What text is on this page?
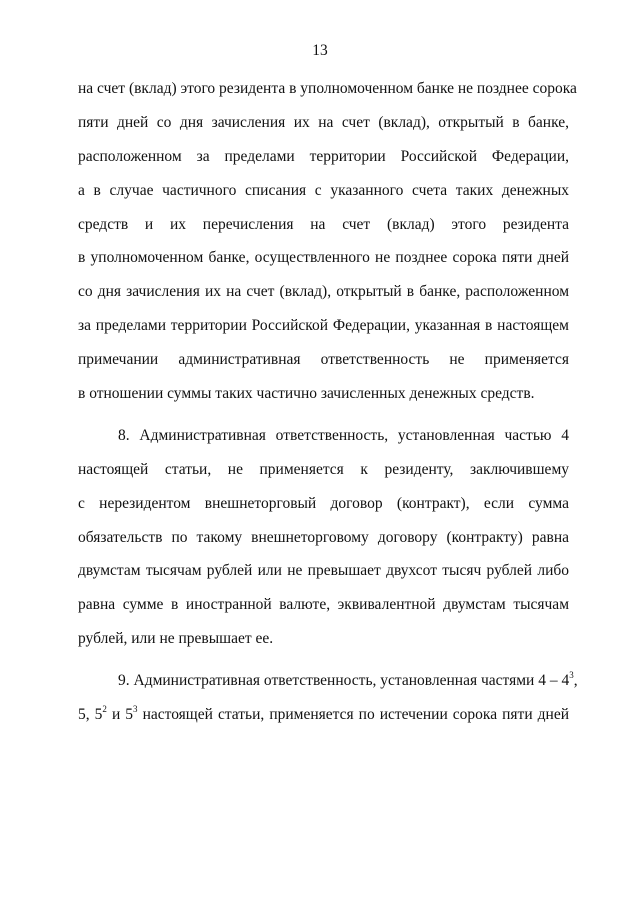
13
на счет (вклад) этого резидента в уполномоченном банке не позднее сорока
пяти дней со дня зачисления их на счет (вклад), открытый в банке,
расположенном за пределами территории Российской Федерации,
а в случае частичного списания с указанного счета таких денежных
средств и их перечисления на счет (вклад) этого резидента
в уполномоченном банке, осуществленного не позднее сорока пяти дней
со дня зачисления их на счет (вклад), открытый в банке, расположенном
за пределами территории Российской Федерации, указанная в настоящем
примечании административная ответственность не применяется
в отношении суммы таких частично зачисленных денежных средств.
8. Административная ответственность, установленная частью 4
настоящей статьи, не применяется к резиденту, заключившему
с нерезидентом внешнеторговый договор (контракт), если сумма
обязательств по такому внешнеторговому договору (контракту) равна
двумстам тысячам рублей или не превышает двухсот тысяч рублей либо
равна сумме в иностранной валюте, эквивалентной двумстам тысячам
рублей, или не превышает ее.
9. Административная ответственность, установленная частями $4 - 4^3$,
5, $5^2$ и $5^3$ настоящей статьи, применяется по истечении сорока пяти дней
